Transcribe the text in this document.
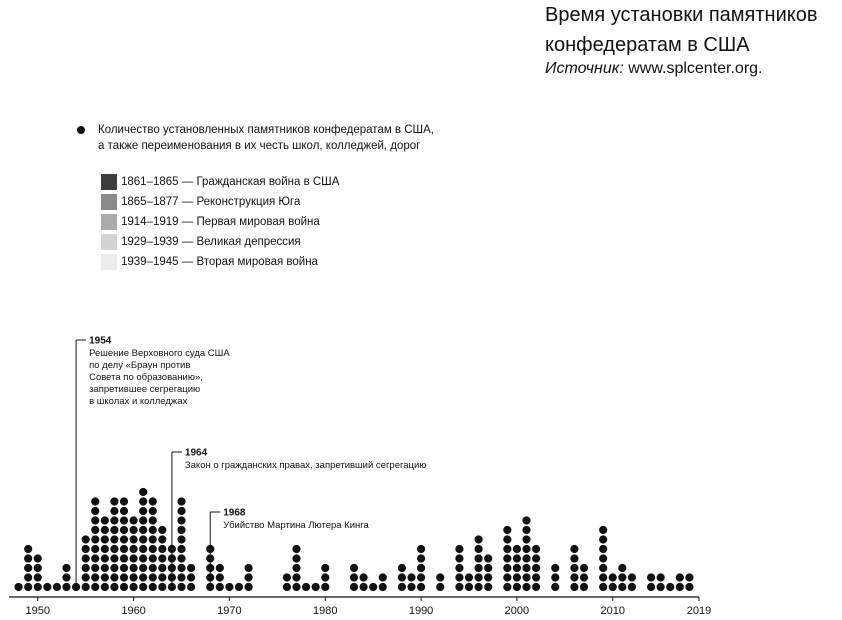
Время установки памятников
конфедератам в США
Источник: www.splcenter.org.
Количество установленных памятников конфедератам в США,
а также переименования в их честь школ, колледжей, дорог
1861–1865 — Гражданская война в США
1865–1877 — Реконструкция Юга
1914–1919 — Первая мировая война
1929–1939 — Великая депрессия
1939–1945 — Вторая мировая война
1950	1960	1970	1980	1990	2000	2010	2019
1954
Решение Верховного суда США
по делу «Браун против
Совета по образованию»,
запретившее сегрегацию
в школах и колледжах
1964
Закон о гражданских правах, запретивший сегрегацию
1968
Убийство Мартина Лютера Кинга
